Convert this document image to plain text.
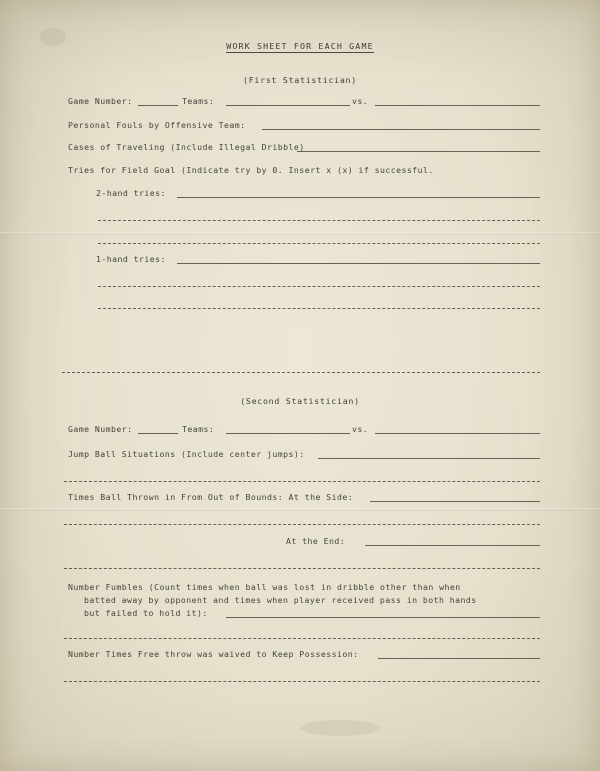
WORK SHEET FOR EACH GAME
(First Statistician)
Game Number:	Teams:	vs.
Personal Fouls by Offensive Team:
Cases of Traveling (Include Illegal Dribble)
Tries for Field Goal (Indicate try by 0. Insert x (x) if successful.
2-hand tries:
1-hand tries:
(Second Statistician)
Game Number:	Teams:	vs.
Jump Ball Situations (Include center jumps):
Times Ball Thrown in From Out of Bounds: At the Side:
At the End:
Number Fumbles (Count times when ball was lost in dribble other than when
batted away by opponent and times when player received pass in both hands
but failed to hold it):
Number Times Free throw was waived to Keep Possession:
